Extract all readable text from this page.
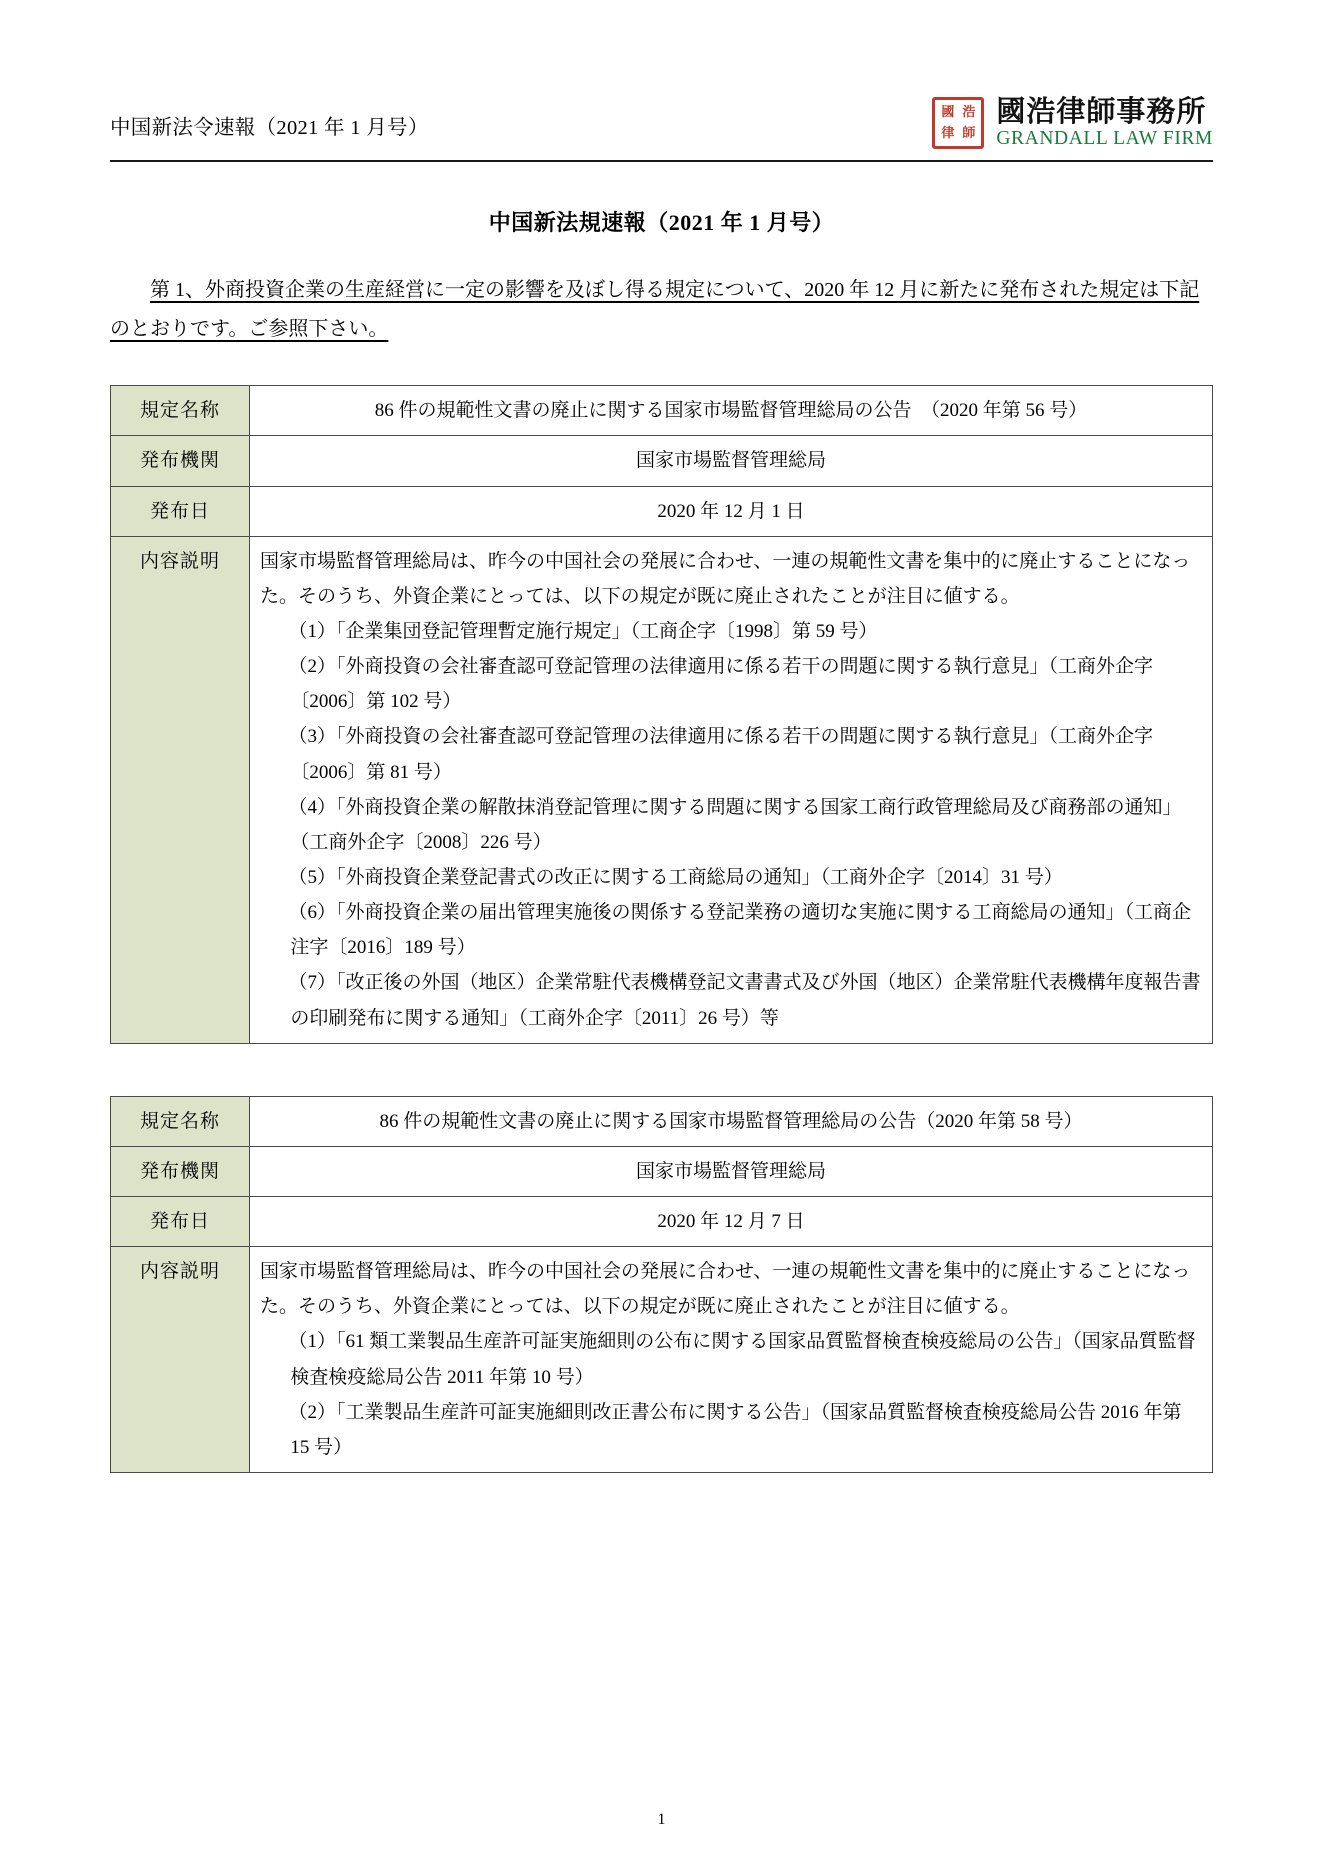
中国新法令速報（2021 年 1 月号）
國 浩
律 師
國浩律師事務所
GRANDALL LAW FIRM
中国新法規速報（2021 年 1 月号）
第 1、外商投資企業の生産経営に一定の影響を及ぼし得る規定について、2020 年 12 月に新たに発布された規定は下記のとおりです。ご参照下さい。
規定名称	86 件の規範性文書の廃止に関する国家市場監督管理総局の公告　（2020 年第 56 号）
発布機関	国家市場監督管理総局
発布日	2020 年 12 月 1 日
内容説明	国家市場監督管理総局は、昨今の中国社会の発展に合わせ、一連の規範性文書を集中的に廃止することになった。そのうち、外資企業にとっては、以下の規定が既に廃止されたことが注目に値する。

（1）「企業集団登記管理暫定施行規定」（工商企字〔1998〕第 59 号）

（2）「外商投資の会社審査認可登記管理の法律適用に係る若干の問題に関する執行意見」（工商外企字〔2006〕第 102 号）

（3）「外商投資の会社審査認可登記管理の法律適用に係る若干の問題に関する執行意見」（工商外企字〔2006〕第 81 号）

（4）「外商投資企業の解散抹消登記管理に関する問題に関する国家工商行政管理総局及び商務部の通知」（工商外企字〔2008〕226 号）

（5）「外商投資企業登記書式の改正に関する工商総局の通知」（工商外企字〔2014〕31 号）

（6）「外商投資企業の届出管理実施後の関係する登記業務の適切な実施に関する工商総局の通知」（工商企注字〔2016〕189 号）

（7）「改正後の外国（地区）企業常駐代表機構登記文書書式及び外国（地区）企業常駐代表機構年度報告書の印刷発布に関する通知」（工商外企字〔2011〕26 号）等

規定名称	86 件の規範性文書の廃止に関する国家市場監督管理総局の公告（2020 年第 58 号）
発布機関	国家市場監督管理総局
発布日	2020 年 12 月 7 日
内容説明	国家市場監督管理総局は、昨今の中国社会の発展に合わせ、一連の規範性文書を集中的に廃止することになった。そのうち、外資企業にとっては、以下の規定が既に廃止されたことが注目に値する。

（1）「61 類工業製品生産許可証実施細則の公布に関する国家品質監督検査検疫総局の公告」（国家品質監督検査検疫総局公告 2011 年第 10 号）

（2）「工業製品生産許可証実施細則改正書公布に関する公告」（国家品質監督検査検疫総局公告 2016 年第 15 号）

1
